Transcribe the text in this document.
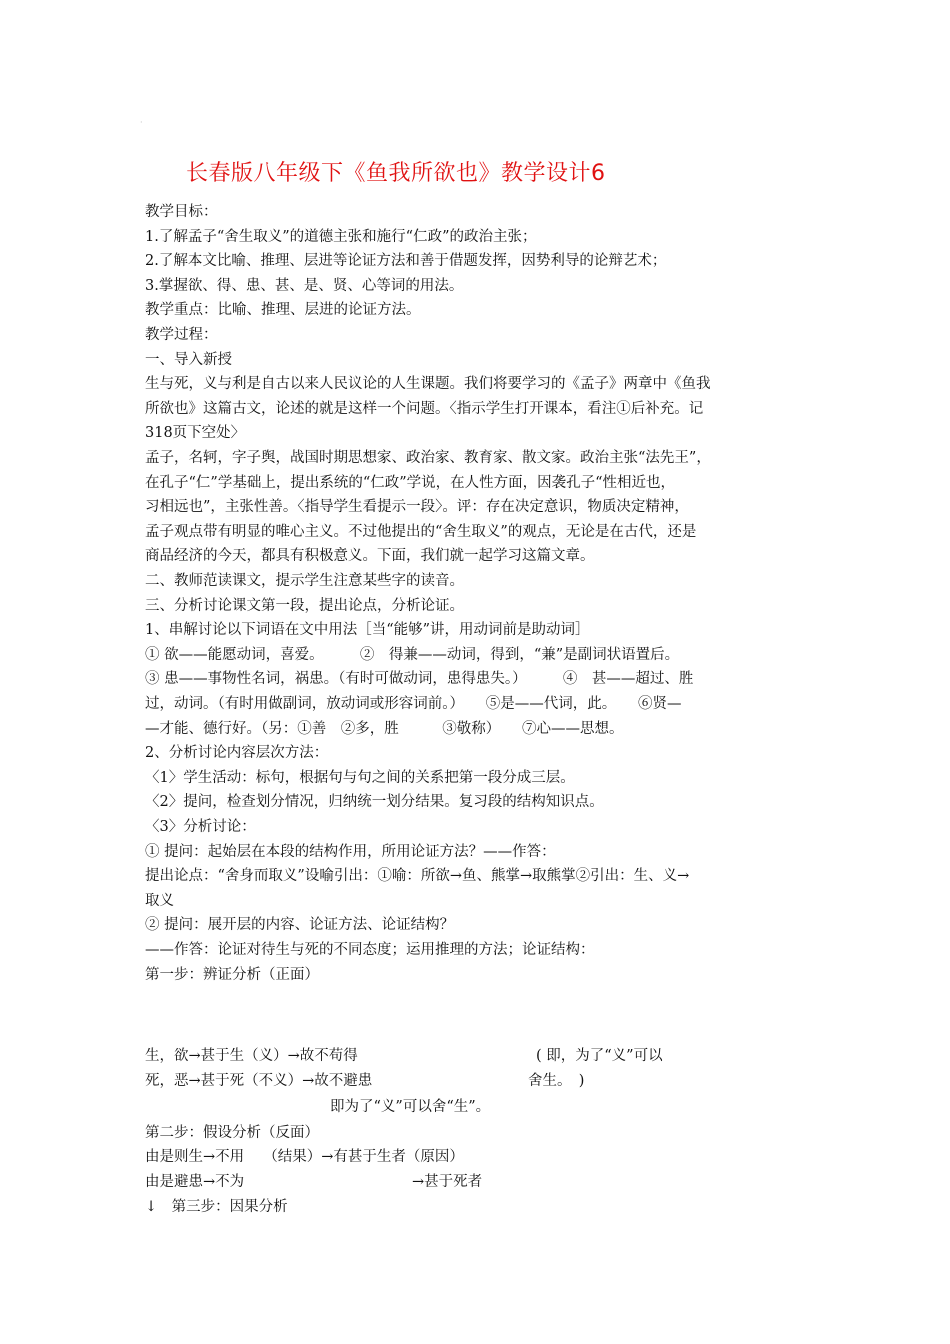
·
长春版八年级下《鱼我所欲也》教学设计6
教学目标：
1.了解孟子“舍生取义”的道德主张和施行“仁政”的政治主张；
2.了解本文比喻、推理、层进等论证方法和善于借题发挥，因势利导的论辩艺术；
3.掌握欲、得、患、甚、是、贤、心等词的用法。
教学重点：比喻、推理、层进的论证方法。
教学过程：
一、导入新授
生与死，义与利是自古以来人民议论的人生课题。我们将要学习的《孟子》两章中《鱼我
所欲也》这篇古文，论述的就是这样一个问题。〈指示学生打开课本，看注①后补充。记
318页下空处〉
孟子，名轲，字子舆，战国时期思想家、政治家、教育家、散文家。政治主张“法先王”，
在孔子“仁”学基础上，提出系统的“仁政”学说，在人性方面，因袭孔子“性相近也，
习相远也”，主张性善。〈指导学生看提示一段〉。评：存在决定意识，物质决定精神，
孟子观点带有明显的唯心主义。不过他提出的“舍生取义”的观点，无论是在古代，还是
商品经济的今天，都具有积极意义。下面，我们就一起学习这篇文章。
二、教师范读课文，提示学生注意某些字的读音。
三、分析讨论课文第一段，提出论点，分析论证。
1、串解讨论以下词语在文中用法［当“能够”讲，用动词前是助动词］
① 欲——能愿动词，喜爱。　　　②　得兼——动词，得到，“兼”是副词状语置后。
③ 患——事物性名词，祸患。（有时可做动词，患得患失。）　　　④　甚——超过、胜
过，动词。（有时用做副词，放动词或形容词前。）　　⑤是——代词，此。　　⑥贤—
—才能、德行好。（另：①善　②多，胜　　　③敬称）　　⑦心——思想。
2、分析讨论内容层次方法：
〈1〉学生活动：标句，根据句与句之间的关系把第一段分成三层。
〈2〉提问，检查划分情况，归纳统一划分结果。复习段的结构知识点。
〈3〉分析讨论：
① 提问：起始层在本段的结构作用，所用论证方法？——作答：
提出论点：“舍身而取义”设喻引出：①喻：所欲→鱼、熊掌→取熊掌②引出：生、义→
取义
② 提问：展开层的内容、论证方法、论证结构？
——作答：论证对待生与死的不同态度；运用推理的方法；论证结构：
第一步：辨证分析（正面）
生，欲→甚于生（义）→故不苟得	( 即，为了“义”可以
死，恶→甚于死（不义）→故不避患	舍生。　)
即为了“义”可以舍“生”。
第二步：假设分析（反面）
由是则生→不用　 （结果）→有甚于生者（原因）
由是避患→不为	→甚于死者
↓　第三步：因果分析
